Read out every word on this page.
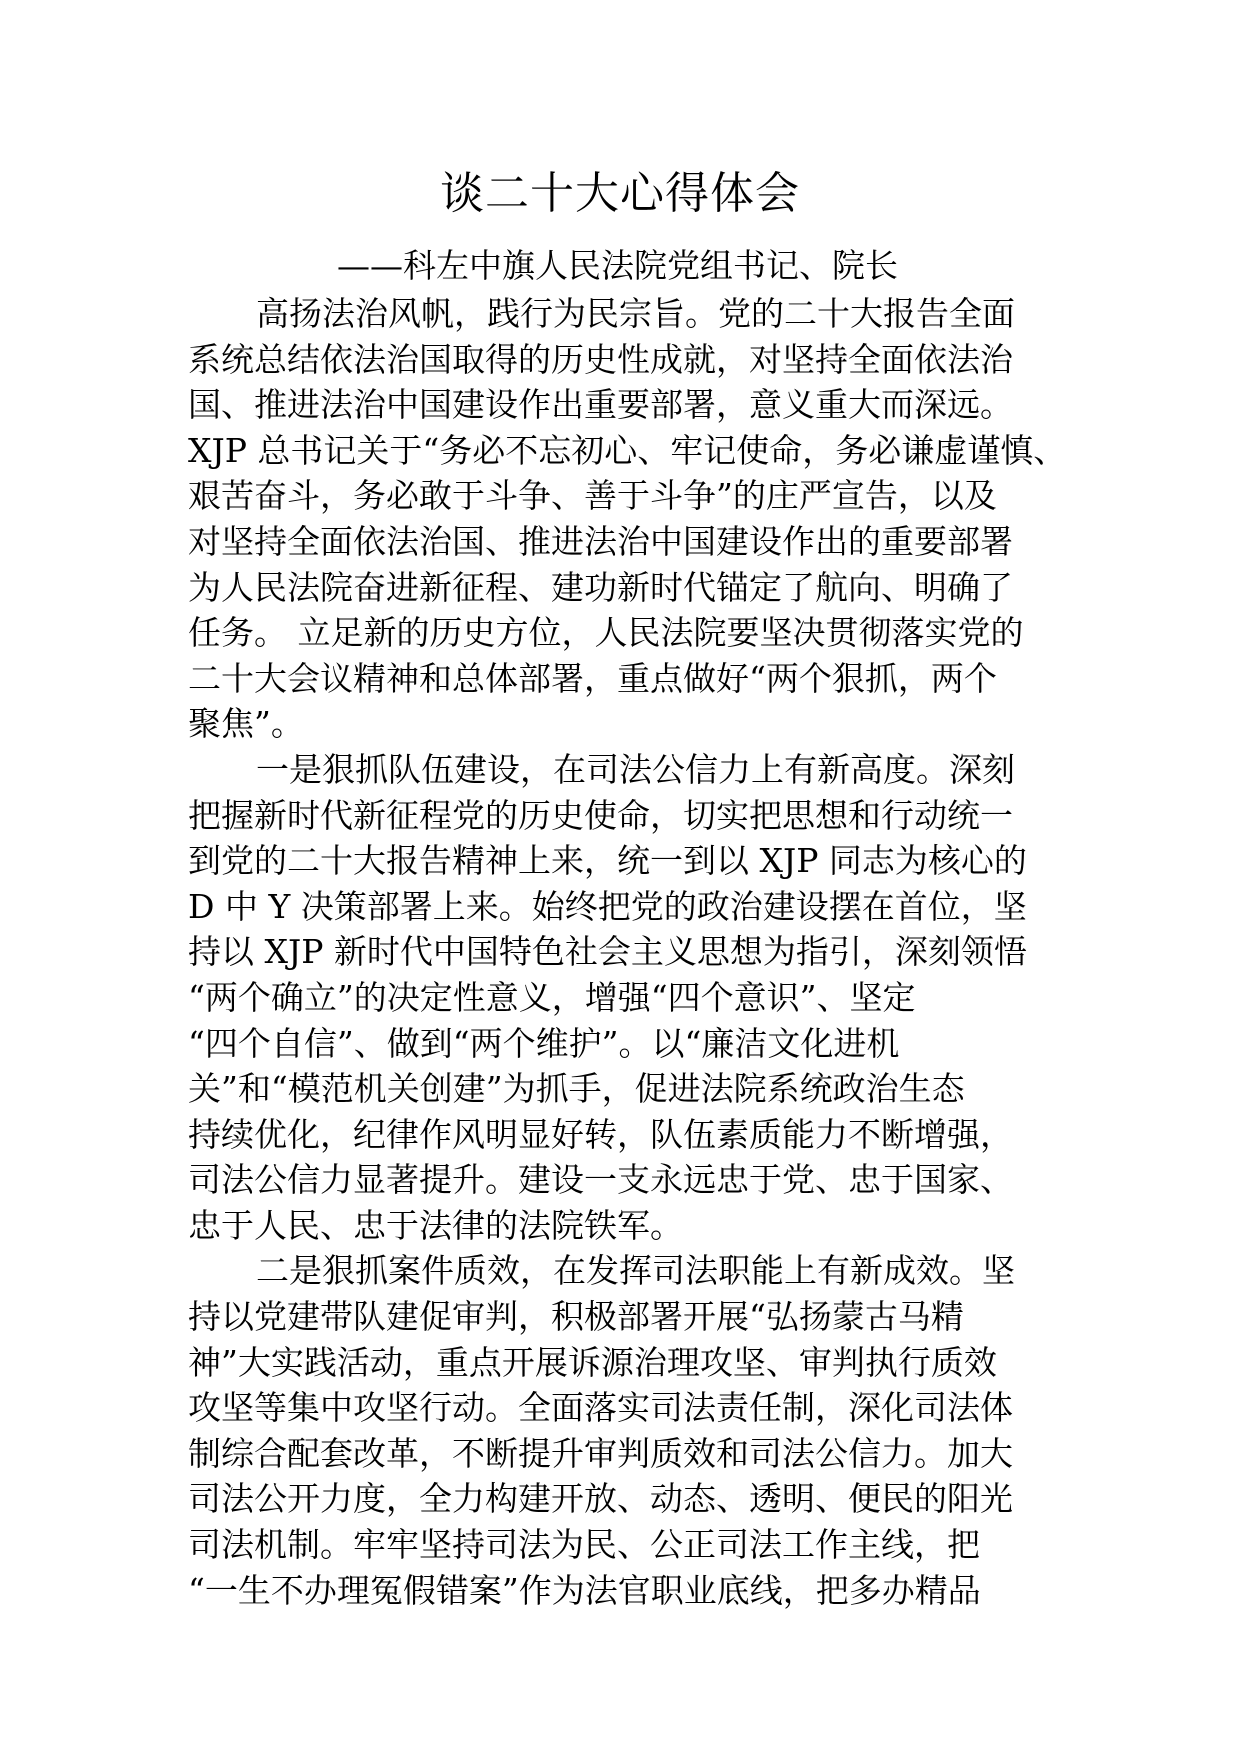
谈二十大心得体会
——科左中旗人民法院党组书记、院长

高扬法治风帆，践行为民宗旨。党的二十大报告全面
系统总结依法治国取得的历史性成就，对坚持全面依法治
国、推进法治中国建设作出重要部署，意义重大而深远。
XJP 总书记关于“务必不忘初心、牢记使命，务必谦虚谨慎、
艰苦奋斗，务必敢于斗争、善于斗争”的庄严宣告，以及
对坚持全面依法治国、推进法治中国建设作出的重要部署
为人民法院奋进新征程、建功新时代锚定了航向、明确了
任务。 立足新的历史方位，人民法院要坚决贯彻落实党的
二十大会议精神和总体部署，重点做好“两个狠抓，两个
聚焦”。

一是狠抓队伍建设，在司法公信力上有新高度。深刻
把握新时代新征程党的历史使命，切实把思想和行动统一
到党的二十大报告精神上来，统一到以 XJP 同志为核心的
D 中 Y 决策部署上来。始终把党的政治建设摆在首位，坚
持以 XJP 新时代中国特色社会主义思想为指引，深刻领悟
“两个确立”的决定性意义，增强“四个意识”、坚定
“四个自信”、做到“两个维护”。以“廉洁文化进机
关”和“模范机关创建”为抓手，促进法院系统政治生态
持续优化，纪律作风明显好转，队伍素质能力不断增强，
司法公信力显著提升。建设一支永远忠于党、忠于国家、
忠于人民、忠于法律的法院铁军。

二是狠抓案件质效，在发挥司法职能上有新成效。坚
持以党建带队建促审判，积极部署开展“弘扬蒙古马精
神”大实践活动，重点开展诉源治理攻坚、审判执行质效
攻坚等集中攻坚行动。全面落实司法责任制，深化司法体
制综合配套改革，不断提升审判质效和司法公信力。加大
司法公开力度，全力构建开放、动态、透明、便民的阳光
司法机制。牢牢坚持司法为民、公正司法工作主线，把
“一生不办理冤假错案”作为法官职业底线，把多办精品
